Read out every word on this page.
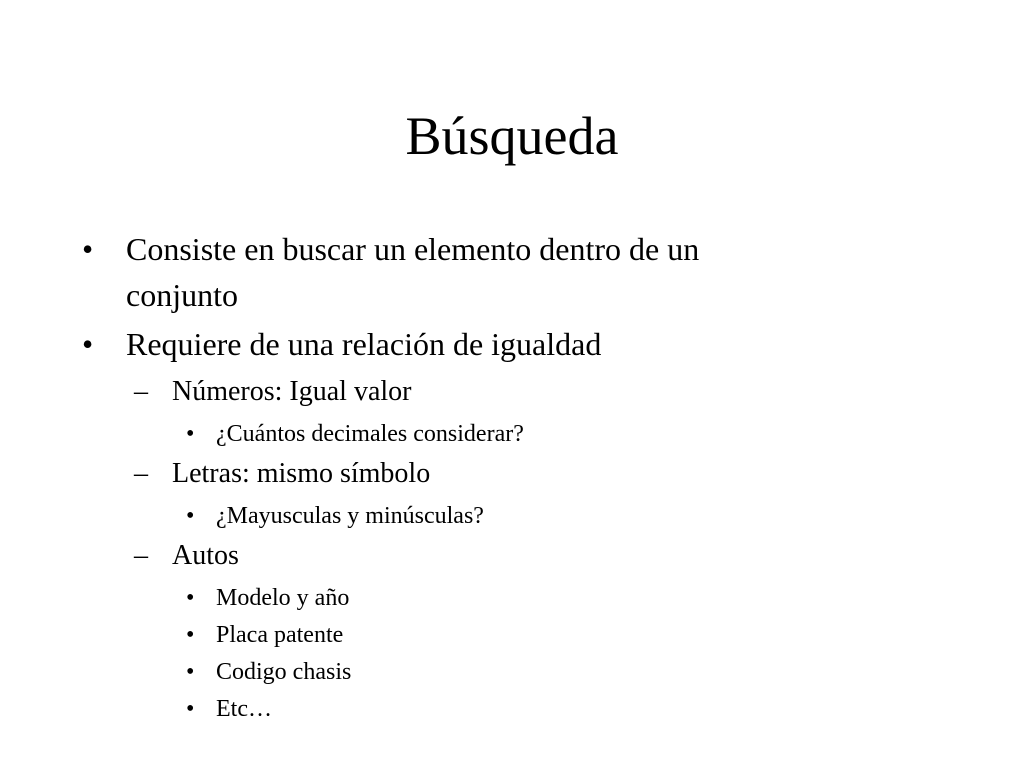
Búsqueda
•	Consiste en buscar un elemento dentro de un
conjunto
•	Requiere de una relación de igualdad
– Números: Igual valor
• ¿Cuántos decimales considerar?
– Letras: mismo símbolo
• ¿Mayusculas y minúsculas?
– Autos
• Modelo y año
• Placa patente
• Codigo chasis
• Etc…
